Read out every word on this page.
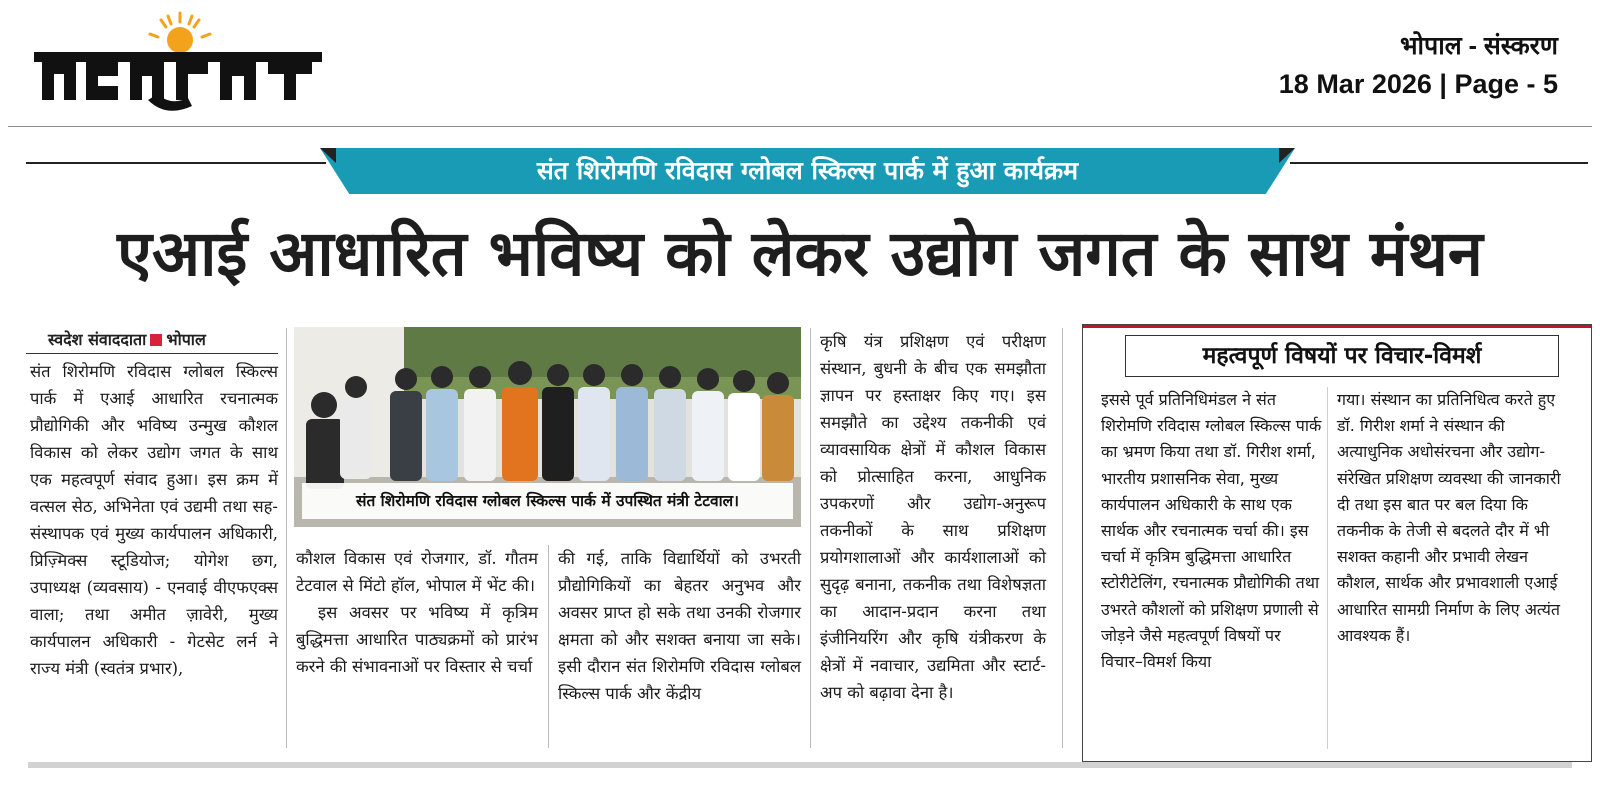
भोपाल - संस्करण
18 Mar 2026 | Page - 5
संत शिरोमणि रविदास ग्लोबल स्किल्स पार्क में हुआ कार्यक्रम
एआई आधारित भविष्य को लेकर उद्योग जगत के साथ मंथन
स्वदेश संवाददाता भोपाल

संत शिरोमणि रविदास ग्लोबल स्किल्स पार्क में एआई आधारित रचनात्मक प्रौद्योगिकी और भविष्य उन्मुख कौशल विकास को लेकर उद्योग जगत के साथ एक महत्वपूर्ण संवाद हुआ। इस क्रम में वत्सल सेठ, अभिनेता एवं उद्यमी तथा सह-संस्थापक एवं मुख्य कार्यपालन अधिकारी, प्रिज़्मिक्स स्टूडियोज; योगेश छग, उपाध्यक्ष (व्यवसाय) - एनवाई वीएफएक्स वाला; तथा अमीत ज़ावेरी, मुख्य कार्यपालन अधिकारी - गेटसेट लर्न ने राज्य मंत्री (स्वतंत्र प्रभार),

संत शिरोमणि रविदास ग्लोबल स्किल्स पार्क में उपस्थित मंत्री टेटवाल।

कौशल विकास एवं रोजगार, डॉ. गौतम टेटवाल से मिंटो हॉल, भोपाल में भेंट की।

इस अवसर पर भविष्य में कृत्रिम बुद्धिमत्ता आधारित पाठ्यक्रमों को प्रारंभ करने की संभावनाओं पर विस्तार से चर्चा

की गई, ताकि विद्यार्थियों को उभरती प्रौद्योगिकियों का बेहतर अनुभव और अवसर प्राप्त हो सके तथा उनकी रोजगार क्षमता को और सशक्त बनाया जा सके। इसी दौरान संत शिरोमणि रविदास ग्लोबल स्किल्स पार्क और केंद्रीय

कृषि यंत्र प्रशिक्षण एवं परीक्षण संस्थान, बुधनी के बीच एक समझौता ज्ञापन पर हस्ताक्षर किए गए। इस समझौते का उद्देश्य तकनीकी एवं व्यावसायिक क्षेत्रों में कौशल विकास को प्रोत्साहित करना, आधुनिक उपकरणों और उद्योग-अनुरूप तकनीकों के साथ प्रशिक्षण प्रयोगशालाओं और कार्यशालाओं को सुदृढ़ बनाना, तकनीक तथा विशेषज्ञता का आदान-प्रदान करना तथा इंजीनियरिंग और कृषि यंत्रीकरण के क्षेत्रों में नवाचार, उद्यमिता और स्टार्ट-अप को बढ़ावा देना है।

महत्वपूर्ण विषयों पर विचार-विमर्श

इससे पूर्व प्रतिनिधिमंडल ने संत शिरोमणि रविदास ग्लोबल स्किल्स पार्क का भ्रमण किया तथा डॉ. गिरीश शर्मा, भारतीय प्रशासनिक सेवा, मुख्य कार्यपालन अधिकारी के साथ एक सार्थक और रचनात्मक चर्चा की। इस चर्चा में कृत्रिम बुद्धिमत्ता आधारित स्टोरीटेलिंग, रचनात्मक प्रौद्योगिकी तथा उभरते कौशलों को प्रशिक्षण प्रणाली से जोड़ने जैसे महत्वपूर्ण विषयों पर विचार–विमर्श किया

गया। संस्थान का प्रतिनिधित्व करते हुए डॉ. गिरीश शर्मा ने संस्थान की अत्याधुनिक अधोसंरचना और उद्योग-संरेखित प्रशिक्षण व्यवस्था की जानकारी दी तथा इस बात पर बल दिया कि तकनीक के तेजी से बदलते दौर में भी सशक्त कहानी और प्रभावी लेखन कौशल, सार्थक और प्रभावशाली एआई आधारित सामग्री निर्माण के लिए अत्यंत आवश्यक हैं।
